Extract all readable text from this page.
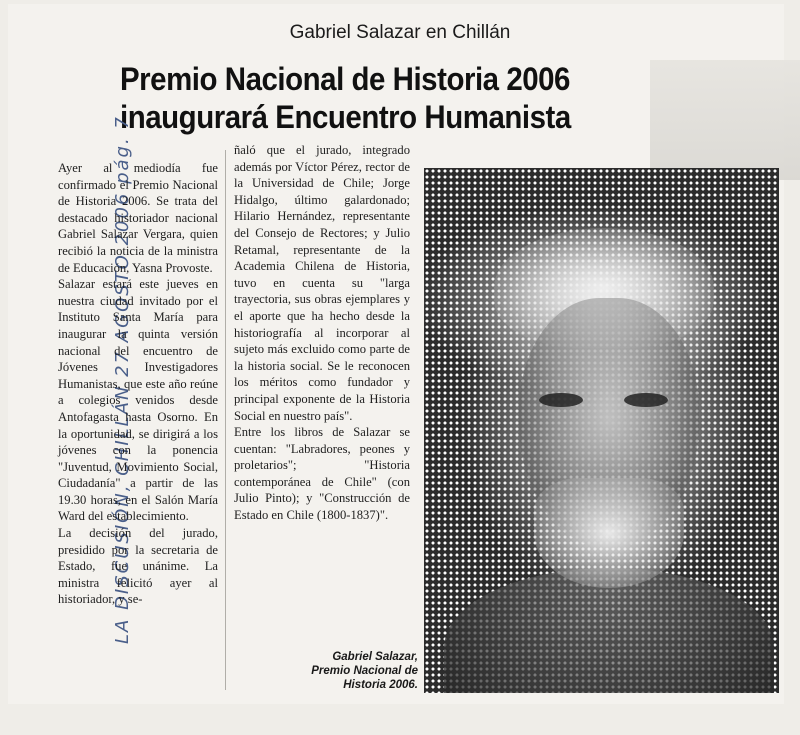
Gabriel Salazar en Chillán
Premio Nacional de Historia 2006
inaugurará Encuentro Humanista
LA DISCUSIÓN, CHILLÁN 27 AGOSTO 2006 pág. 7

Ayer al mediodía fue confirmado el Premio Nacional de Historia 2006. Se trata del destacado historiador nacional Gabriel Salazar Vergara, quien recibió la noticia de la ministra de Educación, Yasna Provoste.

Salazar estará este jueves en nuestra ciudad invitado por el Instituto Santa María para inaugurar la quinta versión nacional del encuentro de Jóvenes Investigadores Humanistas, que este año reúne a colegios venidos desde Antofagasta hasta Osorno. En la oportunidad, se dirigirá a los jóvenes con la ponencia "Juventud, Movimiento Social, Ciudadanía" a partir de las 19.30 horas, en el Salón María Ward del establecimiento.

La decisión del jurado, presidido por la secretaria de Estado, fue unánime. La ministra felicitó ayer al historiador, y se-

ñaló que el jurado, integrado además por Víctor Pérez, rector de la Universidad de Chile; Jorge Hidalgo, último galardonado; Hilario Hernández, representante del Consejo de Rectores; y Julio Retamal, representante de la Academia Chilena de Historia, tuvo en cuenta su "larga trayectoria, sus obras ejemplares y el aporte que ha hecho desde la historiografía al incorporar al sujeto más excluido como parte de la historia social. Se le reconocen los méritos como fundador y principal exponente de la Historia Social en nuestro país".

Entre los libros de Salazar se cuentan: "Labradores, peones y proletarios"; "Historia contemporánea de Chile" (con Julio Pinto); y "Construcción de Estado en Chile (1800-1837)".

Gabriel Salazar,
Premio Nacional de
Historia 2006.
